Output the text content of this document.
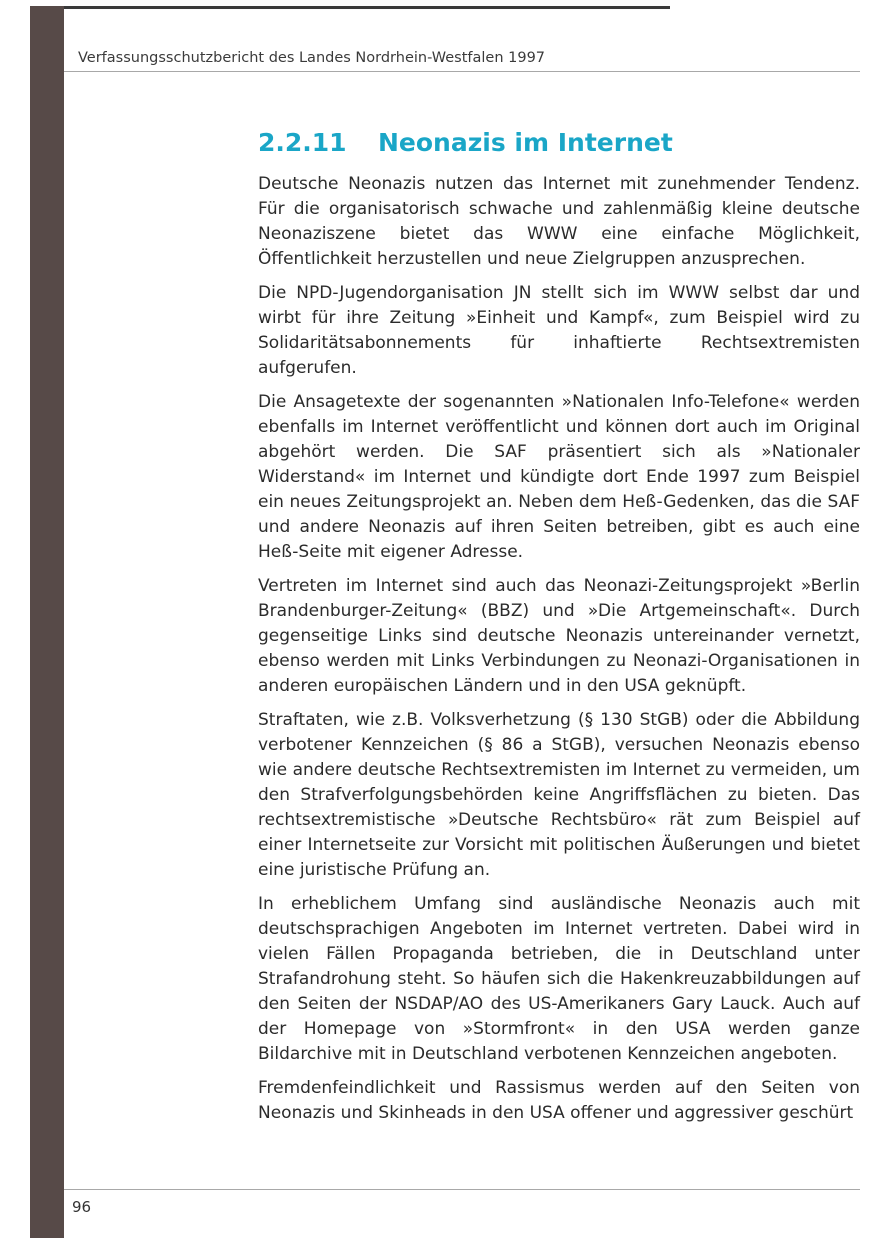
Verfassungsschutzbericht des Landes Nordrhein-Westfalen 1997
2.2.11 Neonazis im Internet

Deutsche Neonazis nutzen das Internet mit zunehmender Tendenz. Für die organisatorisch schwache und zahlenmäßig kleine deutsche Neonaziszene bietet das WWW eine einfache Möglichkeit, Öffentlichkeit herzustellen und neue Zielgruppen anzusprechen.

Die NPD-Jugendorganisation JN stellt sich im WWW selbst dar und wirbt für ihre Zeitung »Einheit und Kampf«, zum Beispiel wird zu Solidaritätsabonnements für inhaftierte Rechtsextremisten aufgerufen.

Die Ansagetexte der sogenannten »Nationalen Info-Telefone« werden ebenfalls im Internet veröffentlicht und können dort auch im Original abgehört werden. Die SAF präsentiert sich als »Nationaler Widerstand« im Internet und kündigte dort Ende 1997 zum Beispiel ein neues Zeitungsprojekt an. Neben dem Heß-Gedenken, das die SAF und andere Neonazis auf ihren Seiten betreiben, gibt es auch eine Heß-Seite mit eigener Adresse.

Vertreten im Internet sind auch das Neonazi-Zeitungsprojekt »Berlin Brandenburger-Zeitung« (BBZ) und »Die Artgemeinschaft«. Durch gegenseitige Links sind deutsche Neonazis untereinander vernetzt, ebenso werden mit Links Verbindungen zu Neonazi-Organisationen in anderen europäischen Ländern und in den USA geknüpft.

Straftaten, wie z.B. Volksverhetzung (§ 130 StGB) oder die Abbildung verbotener Kennzeichen (§ 86 a StGB), versuchen Neonazis ebenso wie andere deutsche Rechtsextremisten im Internet zu vermeiden, um den Strafverfolgungsbehörden keine Angriffsflächen zu bieten. Das rechtsextremistische »Deutsche Rechtsbüro« rät zum Beispiel auf einer Internetseite zur Vorsicht mit politischen Äußerungen und bietet eine juristische Prüfung an.

In erheblichem Umfang sind ausländische Neonazis auch mit deutschsprachigen Angeboten im Internet vertreten. Dabei wird in vielen Fällen Propaganda betrieben, die in Deutschland unter Strafandrohung steht. So häufen sich die Hakenkreuzabbildungen auf den Seiten der NSDAP/AO des US-Amerikaners Gary Lauck. Auch auf der Homepage von »Stormfront« in den USA werden ganze Bildarchive mit in Deutschland verbotenen Kennzeichen angeboten.

Fremdenfeindlichkeit und Rassismus werden auf den Seiten von Neonazis und Skinheads in den USA offener und aggressiver geschürt

96
